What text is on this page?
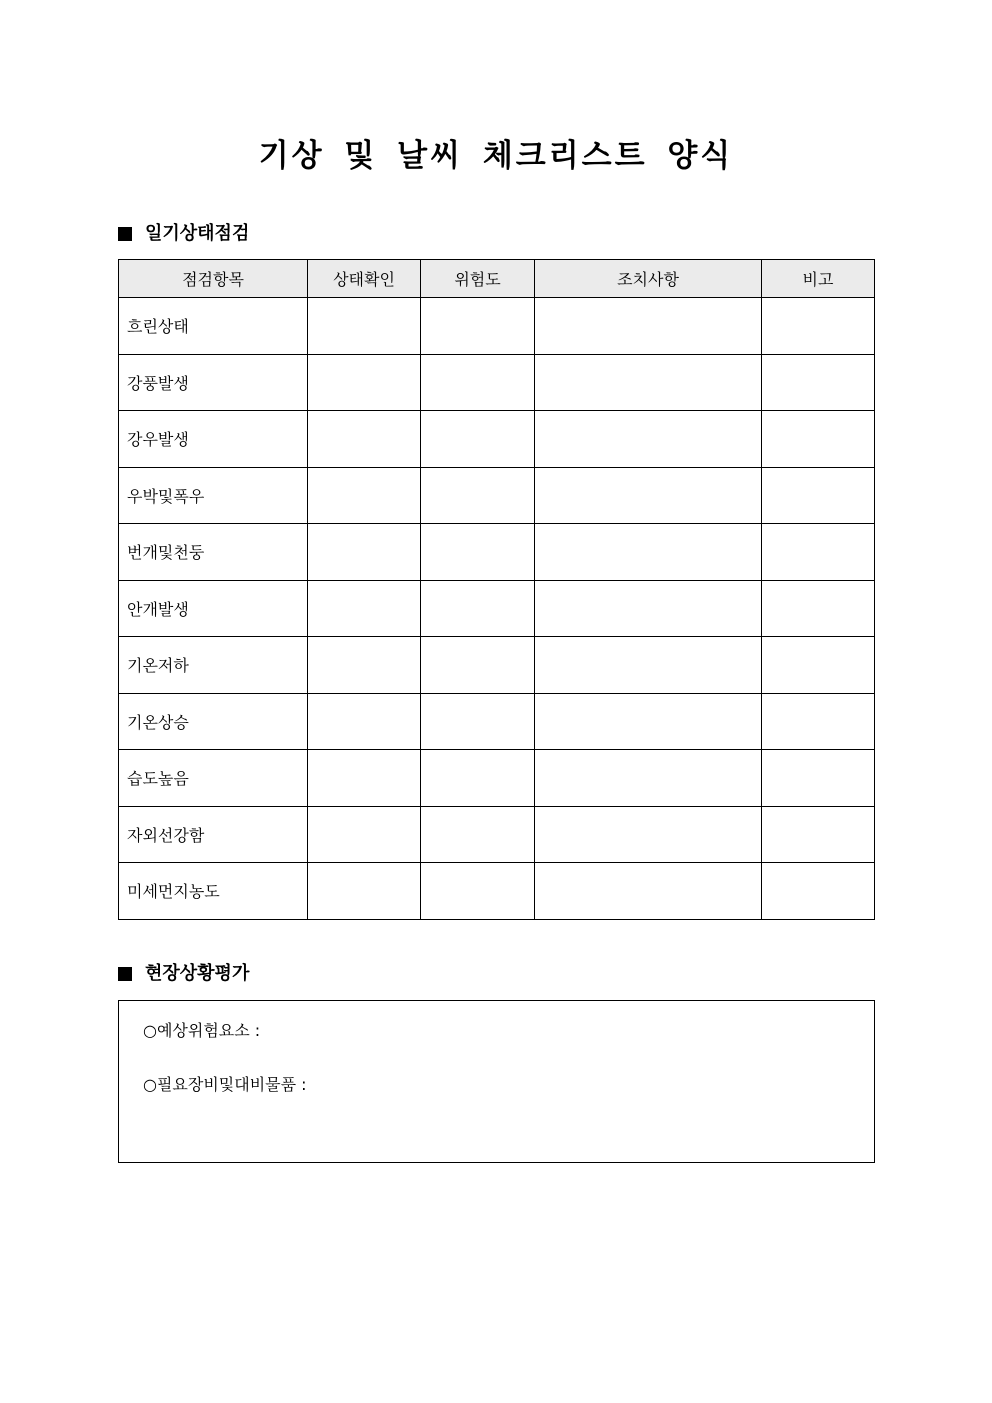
기상 및 날씨 체크리스트 양식
일기상태점검
점검항목	상태확인	위험도	조치사항	비고
흐린상태				
강풍발생				
강우발생				
우박및폭우				
번개및천둥				
안개발생				
기온저하				
기온상승				
습도높음				
자외선강함				
미세먼지농도				
현장상황평가
○예상위험요소 :
○필요장비및대비물품 :
